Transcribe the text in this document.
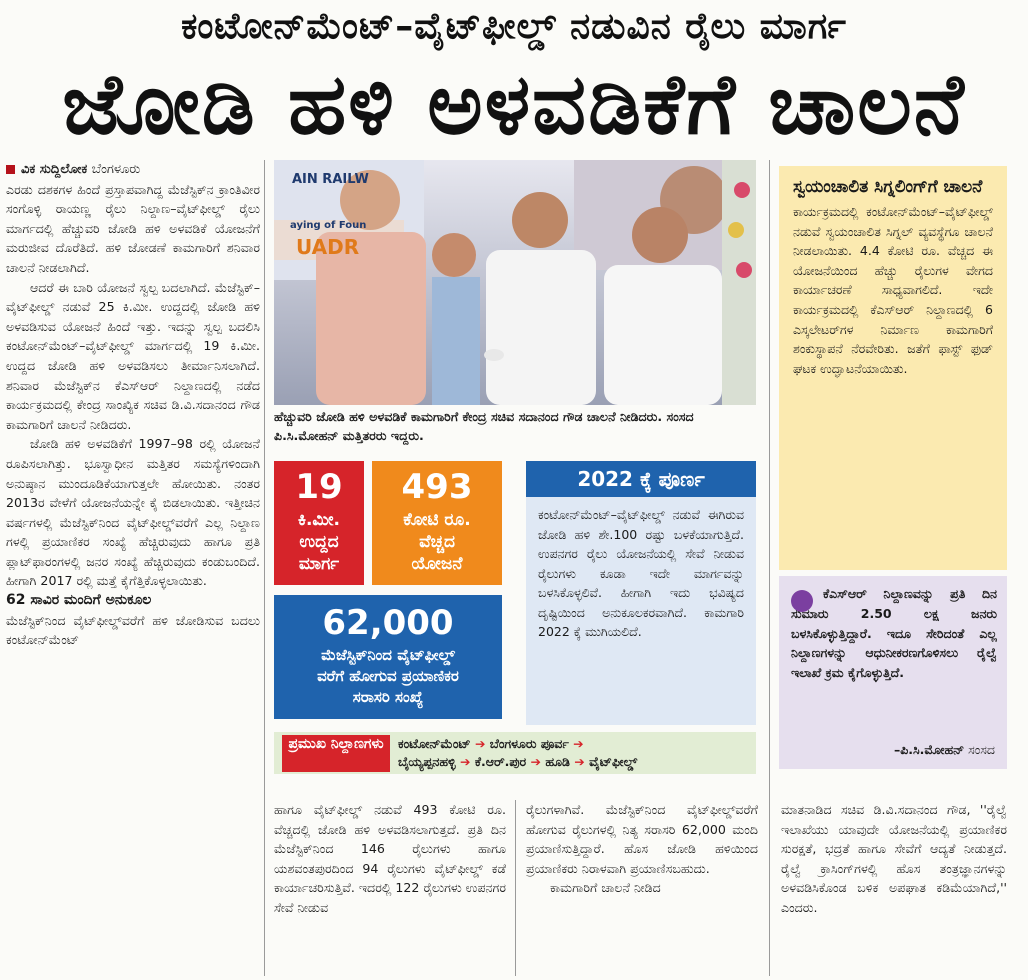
ಕಂಟೋನ್‌ಮೆಂಟ್‌–ವೈಟ್‌ಫೀಲ್ಡ್ ನಡುವಿನ ರೈಲು ಮಾರ್ಗ
ಜೋಡಿ ಹಳಿ ಅಳವಡಿಕೆಗೆ ಚಾಲನೆ
ವಿಕ ಸುದ್ದಿಲೋಕ ಬೆಂಗಳೂರು

ಎರಡು ದಶಕಗಳ ಹಿಂದೆ ಪ್ರಸ್ತಾಪವಾಗಿದ್ದ ಮೆಜೆಸ್ಟಿಕ್‌ನ ಕ್ರಾಂತಿವೀರ ಸಂಗೊಳ್ಳಿ ರಾಯಣ್ಣ ರೈಲು ನಿಲ್ದಾಣ–ವೈಟ್‌ಫೀಲ್ಡ್ ರೈಲು ಮಾರ್ಗದಲ್ಲಿ ಹೆಚ್ಚುವರಿ ಜೋಡಿ ಹಳಿ ಅಳವಡಿಕೆ ಯೋಜನೆಗೆ ಮರುಜೀವ ದೊರೆತಿದೆ. ಹಳಿ ಜೋಡಣೆ ಕಾಮಗಾರಿಗೆ ಶನಿವಾರ ಚಾಲನೆ ನೀಡಲಾಗಿದೆ.

ಆದರೆ ಈ ಬಾರಿ ಯೋಜನೆ ಸ್ವಲ್ಪ ಬದಲಾಗಿದೆ. ಮೆಜೆಸ್ಟಿಕ್–ವೈಟ್‌ಫೀಲ್ಡ್ ನಡುವೆ 25 ಕಿ.ಮೀ. ಉದ್ದದಲ್ಲಿ ಜೋಡಿ ಹಳಿ ಅಳವಡಿಸುವ ಯೋಜನೆ ಹಿಂದೆ ಇತ್ತು. ಇದನ್ನು ಸ್ವಲ್ಪ ಬದಲಿಸಿ ಕಂಟೋನ್‌ಮೆಂಟ್‌–ವೈಟ್‌ಫೀಲ್ಡ್ ಮಾರ್ಗದಲ್ಲಿ 19 ಕಿ.ಮೀ. ಉದ್ದದ ಜೋಡಿ ಹಳಿ ಅಳವಡಿಸಲು ತೀರ್ಮಾನಿಸಲಾಗಿದೆ. ಶನಿವಾರ ಮೆಜೆಸ್ಟಿಕ್‌ನ ಕೆಎಸ್‌ಆರ್ ನಿಲ್ದಾಣದಲ್ಲಿ ನಡೆದ ಕಾರ್ಯಕ್ರಮದಲ್ಲಿ ಕೇಂದ್ರ ಸಾಂಖ್ಯಿಕ ಸಚಿವ ಡಿ.ವಿ.ಸದಾನಂದ ಗೌಡ ಕಾಮಗಾರಿಗೆ ಚಾಲನೆ ನೀಡಿದರು.

ಜೋಡಿ ಹಳಿ ಅಳವಡಿಕೆಗೆ 1997–98 ರಲ್ಲಿ ಯೋಜನೆ ರೂಪಿಸಲಾಗಿತ್ತು. ಭೂಸ್ವಾಧೀನ ಮತ್ತಿತರ ಸಮಸ್ಯೆಗಳಿಂದಾಗಿ ಅನುಷ್ಠಾನ ಮುಂದೂಡಿಕೆಯಾಗುತ್ತಲೇ ಹೋಯಿತು. ನಂತರ 2013ರ ವೇಳೆಗೆ ಯೋಜನೆಯನ್ನೇ ಕೈ ಬಿಡಲಾಯಿತು. ಇತ್ತೀಚಿನ ವರ್ಷಗಳಲ್ಲಿ ಮೆಜೆಸ್ಟಿಕ್‌ನಿಂದ ವೈಟ್‌ಫೀಲ್ಡ್‌ವರೆಗೆ ಎಲ್ಲ ನಿಲ್ದಾಣ ಗಳಲ್ಲಿ ಪ್ರಯಾಣಿಕರ ಸಂಖ್ಯೆ ಹೆಚ್ಚಿರುವುದು ಹಾಗೂ ಪ್ರತಿ ಪ್ಲಾಟ್‌ಫಾರಂಗಳಲ್ಲಿ ಜನರ ಸಂಖ್ಯೆ ಹೆಚ್ಚಿರುವುದು ಕಂಡುಬಂದಿದೆ. ಹೀಗಾಗಿ 2017 ರಲ್ಲಿ ಮತ್ತೆ ಕೈಗೆತ್ತಿಕೊಳ್ಳಲಾಯಿತು.

62 ಸಾವಿರ ಮಂದಿಗೆ ಅನುಕೂಲ

ಮೆಜೆಸ್ಟಿಕ್‌ನಿಂದ ವೈಟ್‌ಫೀಲ್ಡ್‌ವರೆಗೆ ಹಳಿ ಜೋಡಿಸುವ ಬದಲು ಕಂಟೋನ್‌ಮೆಂಟ್

AIN RAILW
aying of Foun
UADR
ಹೆಚ್ಚುವರಿ ಜೋಡಿ ಹಳಿ ಅಳವಡಿಕೆ ಕಾಮಗಾರಿಗೆ ಕೇಂದ್ರ ಸಚಿವ ಸದಾನಂದ ಗೌಡ ಚಾಲನೆ ನೀಡಿದರು. ಸಂಸದ ಪಿ.ಸಿ.ಮೋಹನ್ ಮತ್ತಿತರರು ಇದ್ದರು.
19
ಕಿ.ಮೀ.
ಉದ್ದದ
ಮಾರ್ಗ
493
ಕೋಟಿ ರೂ.
ವೆಚ್ಚದ
ಯೋಜನೆ
62,000
ಮೆಜೆಸ್ಟಿಕ್‌ನಿಂದ ವೈಟ್‌ಫೀಲ್ಡ್
ವರೆಗೆ ಹೋಗುವ ಪ್ರಯಾಣಿಕರ
ಸರಾಸರಿ ಸಂಖ್ಯೆ
2022 ಕ್ಕೆ ಪೂರ್ಣ
ಕಂಟೋನ್‌ಮೆಂಟ್‌–ವೈಟ್‌ಫೀಲ್ಡ್ ನಡುವೆ ಈಗಿರುವ ಜೋಡಿ ಹಳಿ ಶೇ.100 ರಷ್ಟು ಬಳಕೆಯಾಗುತ್ತಿದೆ. ಉಪನಗರ ರೈಲು ಯೋಜನೆಯಲ್ಲಿ ಸೇವೆ ನೀಡುವ ರೈಲುಗಳು ಕೂಡಾ ಇದೇ ಮಾರ್ಗವನ್ನು ಬಳಸಿಕೊಳ್ಳಲಿವೆ. ಹೀಗಾಗಿ ಇದು ಭವಿಷ್ಯದ ದೃಷ್ಟಿಯಿಂದ ಅನುಕೂಲಕರವಾಗಿದೆ. ಕಾಮಗಾರಿ 2022 ಕ್ಕೆ ಮುಗಿಯಲಿದೆ.
ಪ್ರಮುಖ ನಿಲ್ದಾಣಗಳು	ಕಂಟೋನ್‌ಮೆಂಟ್ ➔ ಬೆಂಗಳೂರು ಪೂರ್ವ ➔
ಬೈಯ್ಯಪ್ಪನಹಳ್ಳಿ ➔ ಕೆ.ಆರ್.ಪುರ ➔ ಹೂಡಿ ➔ ವೈಟ್‌ಫೀಲ್ಡ್
ಹಾಗೂ ವೈಟ್‌ಫೀಲ್ಡ್ ನಡುವೆ 493 ಕೋಟಿ ರೂ. ವೆಚ್ಚದಲ್ಲಿ ಜೋಡಿ ಹಳಿ ಅಳವಡಿಸಲಾಗುತ್ತದೆ. ಪ್ರತಿ ದಿನ ಮೆಜೆಸ್ಟಿಕ್‌ನಿಂದ 146 ರೈಲುಗಳು ಹಾಗೂ ಯಶವಂತಪುರದಿಂದ 94 ರೈಲುಗಳು ವೈಟ್‌ಫೀಲ್ಡ್ ಕಡೆ ಕಾರ್ಯಾಚರಿಸುತ್ತಿವೆ. ಇದರಲ್ಲಿ 122 ರೈಲುಗಳು ಉಪನಗರ ಸೇವೆ ನೀಡುವ

ರೈಲುಗಳಾಗಿವೆ. ಮೆಜೆಸ್ಟಿಕ್‌ನಿಂದ ವೈಟ್‌ಫೀಲ್ಡ್‌ವರೆಗೆ ಹೋಗುವ ರೈಲುಗಳಲ್ಲಿ ನಿತ್ಯ ಸರಾಸರಿ 62,000 ಮಂದಿ ಪ್ರಯಾಣಿಸುತ್ತಿದ್ದಾರೆ. ಹೊಸ ಜೋಡಿ ಹಳಿಯಿಂದ ಪ್ರಯಾಣಿಕರು ನಿರಾಳವಾಗಿ ಪ್ರಯಾಣಿಸಬಹುದು.

ಕಾಮಗಾರಿಗೆ ಚಾಲನೆ ನೀಡಿದ

ಮಾತನಾಡಿದ ಸಚಿವ ಡಿ.ವಿ.ಸದಾನಂದ ಗೌಡ, ''ರೈಲ್ವೆ ಇಲಾಖೆಯು ಯಾವುದೇ ಯೋಜನೆಯಲ್ಲಿ ಪ್ರಯಾಣಿಕರ ಸುರಕ್ಷತೆ, ಭದ್ರತೆ ಹಾಗೂ ಸೇವೆಗೆ ಆದ್ಯತೆ ನೀಡುತ್ತದೆ. ರೈಲ್ವೆ ಕ್ರಾಸಿಂಗ್‌ಗಳಲ್ಲಿ ಹೊಸ ತಂತ್ರಜ್ಞಾನಗಳನ್ನು ಅಳವಡಿಸಿಕೊಂಡ ಬಳಿಕ ಅಪಘಾತ ಕಡಿಮೆಯಾಗಿದೆ,'' ಎಂದರು.
ಸ್ವಯಂಚಾಲಿತ ಸಿಗ್ನಲಿಂಗ್‌ಗೆ ಚಾಲನೆ
ಕಾರ್ಯಕ್ರಮದಲ್ಲಿ ಕಂಟೋನ್‌ಮೆಂಟ್‌–ವೈಟ್‌ಫೀಲ್ಡ್ ನಡುವೆ ಸ್ವಯಂಚಾಲಿತ ಸಿಗ್ನಲ್ ವ್ಯವಸ್ಥೆಗೂ ಚಾಲನೆ ನೀಡಲಾಯಿತು. 4.4 ಕೋಟಿ ರೂ. ವೆಚ್ಚದ ಈ ಯೋಜನೆಯಿಂದ ಹೆಚ್ಚು ರೈಲುಗಳ ವೇಗದ ಕಾರ್ಯಾಚರಣೆ ಸಾಧ್ಯವಾಗಲಿದೆ. ಇದೇ ಕಾರ್ಯಕ್ರಮದಲ್ಲಿ ಕೆಎಸ್‌ಆರ್ ನಿಲ್ದಾಣದಲ್ಲಿ 6 ಎಸ್ಕಲೇಟರ್‌ಗಳ ನಿರ್ಮಾಣ ಕಾಮಗಾರಿಗೆ ಶಂಕುಸ್ಥಾಪನೆ ನೆರವೇರಿತು. ಜತೆಗೆ ಫಾಸ್ಟ್ ಫುಡ್ ಘಟಕ ಉದ್ಘಾಟನೆಯಾಯಿತು.
ಕೆಎಸ್‌ಆರ್ ನಿಲ್ದಾಣವನ್ನು ಪ್ರತಿ ದಿನ ಸುಮಾರು 2.50 ಲಕ್ಷ ಜನರು ಬಳಸಿಕೊಳ್ಳುತ್ತಿದ್ದಾರೆ. ಇದೂ ಸೇರಿದಂತೆ ಎಲ್ಲ ನಿಲ್ದಾಣಗಳನ್ನು ಆಧುನೀಕರಣಗೊಳಿಸಲು ರೈಲ್ವೆ ಇಲಾಖೆ ಕ್ರಮ ಕೈಗೊಳ್ಳುತ್ತಿದೆ.
–ಪಿ.ಸಿ.ಮೋಹನ್ ಸಂಸದ
